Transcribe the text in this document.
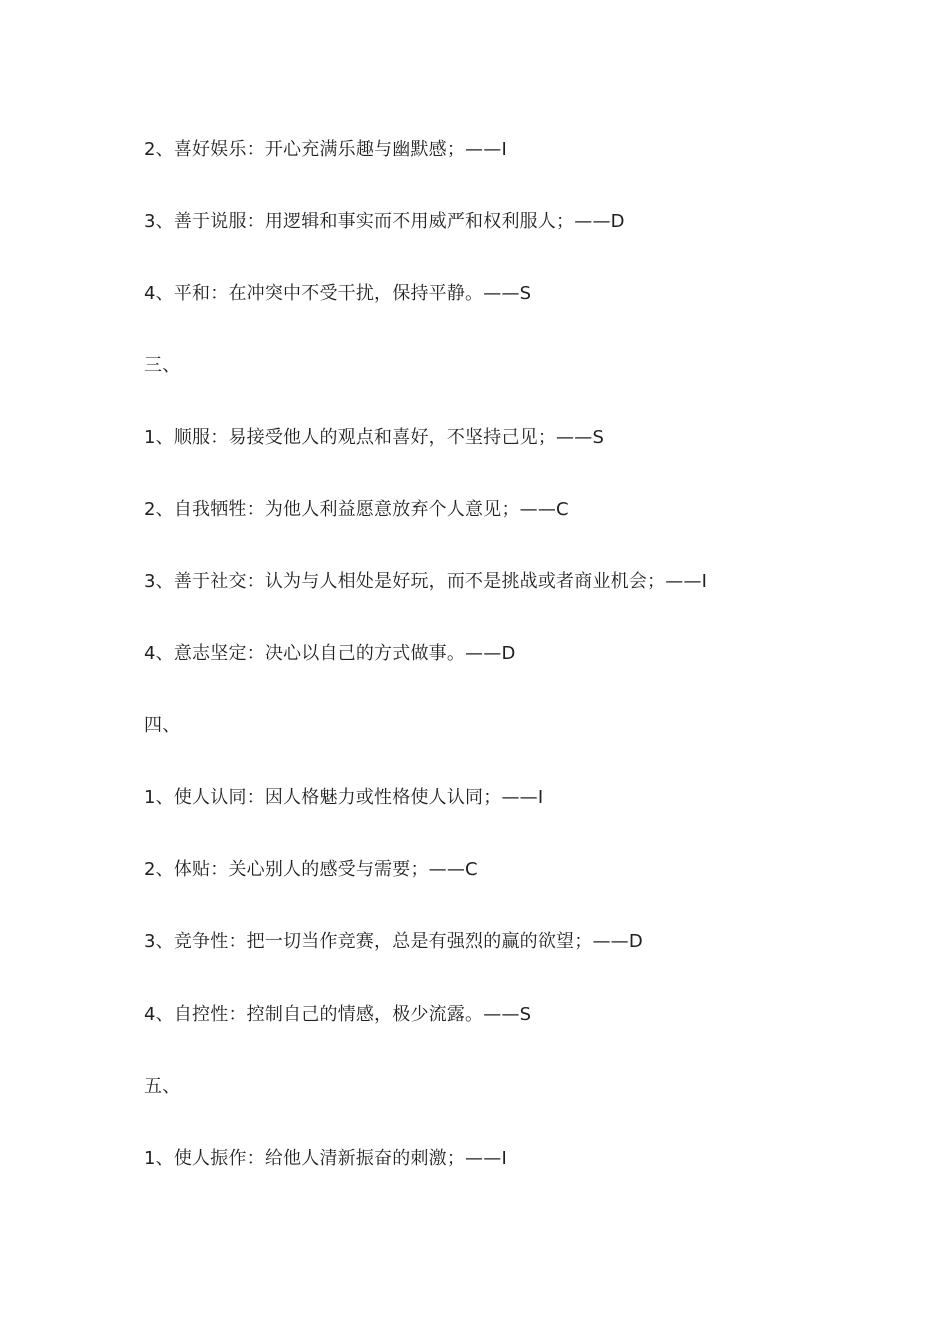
2、喜好娱乐：开心充满乐趣与幽默感；——I
3、善于说服：用逻辑和事实而不用威严和权利服人；——D
4、平和：在冲突中不受干扰，保持平静。——S
三、
1、顺服：易接受他人的观点和喜好，不坚持己见；——S
2、自我牺牲：为他人利益愿意放弃个人意见；——C
3、善于社交：认为与人相处是好玩，而不是挑战或者商业机会；——I
4、意志坚定：决心以自己的方式做事。——D
四、
1、使人认同：因人格魅力或性格使人认同；——I
2、体贴：关心别人的感受与需要；——C
3、竞争性：把一切当作竞赛，总是有强烈的赢的欲望；——D
4、自控性：控制自己的情感，极少流露。——S
五、
1、使人振作：给他人清新振奋的刺激；——I
